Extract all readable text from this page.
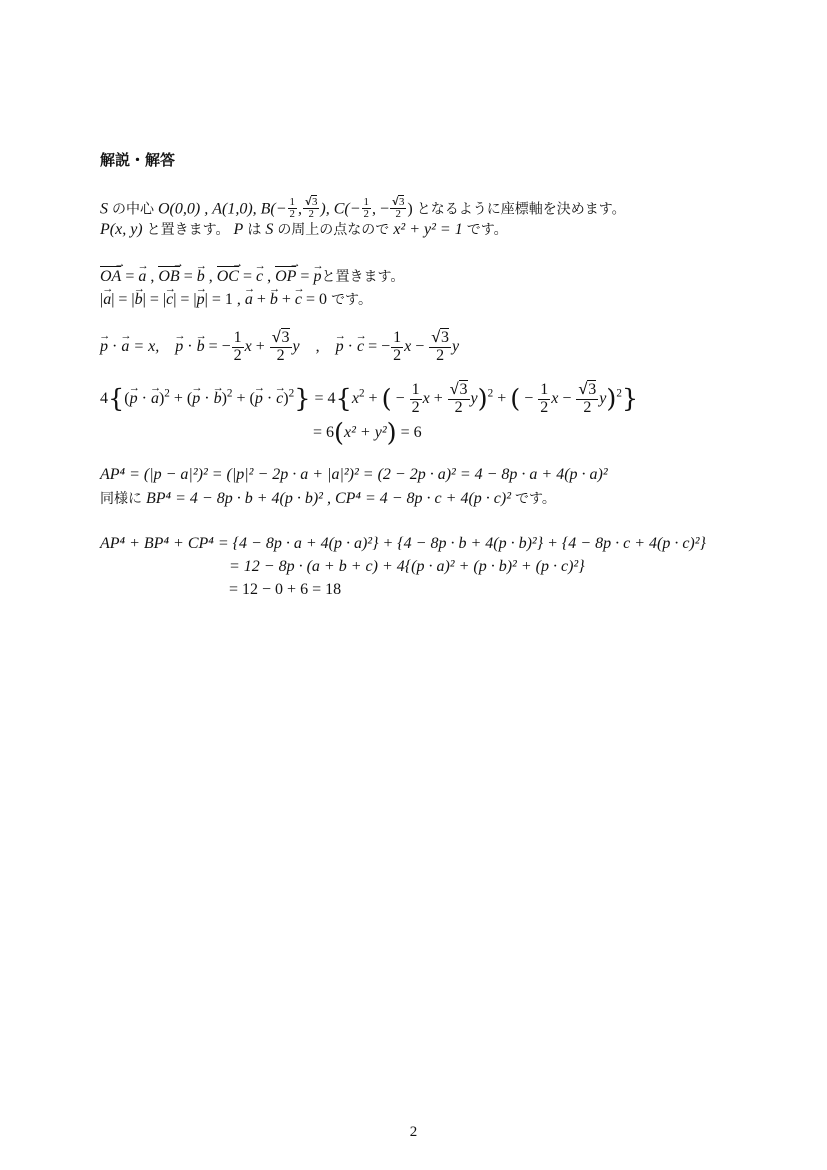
解説・解答
S の中心 O(0,0) , A(1,0), $B(- \frac{1}{2}$ , $\frac{√√ 3}{2}$ ), $C(- \frac{1}{2}$ , − $\frac{√√ 3}{2}$ ) となるように座標軸を決めます。
P(x, y) と置きます。 P は S の周上の点なので x² + y² = 1 です。
OA → = → a , OB → = → b , OC → = → c , OP → = → pと置きます。
|→ a| = |→ b| = |→ c| = |→ p| = 1 , → a + → b + → c = 0 です。
→ p · → a = x, → p · → b = − $\frac{1}{2}$ $x + \frac{√√ 3}{2}$ y    ,    → p · → c = − $\frac{1}{2}$ $x - \frac{√√ 3}{2}$ y
4{(→ p · → a)$^2$ + (→ p · → b)$^2$ + (→ p · → $c)^2\} = 4\{x^2$ + ( − $\frac{1}{2}$ $x + \frac{√√ 3}{2} y)^2$ + ( − $\frac{1}{2}$ $x - \frac{√√ 3}{2} y)^2$}
= 6(x² + y²) = 6
AP⁴ = (|p − a|²)² = (|p|² − 2p · a + |a|²)² = (2 − 2p · a)² = 4 − 8p · a + 4(p · a)²
同様に BP⁴ = 4 − 8p · b + 4(p · b)² , CP⁴ = 4 − 8p · c + 4(p · c)² です。
AP⁴ + BP⁴ + CP⁴ = {4 − 8p · a + 4(p · a)²} + {4 − 8p · b + 4(p · b)²} + {4 − 8p · c + 4(p · c)²}
= 12 − 8p · (a + b + c) + 4{(p · a)² + (p · b)² + (p · c)²}
= 12 − 0 + 6 = 18
2
